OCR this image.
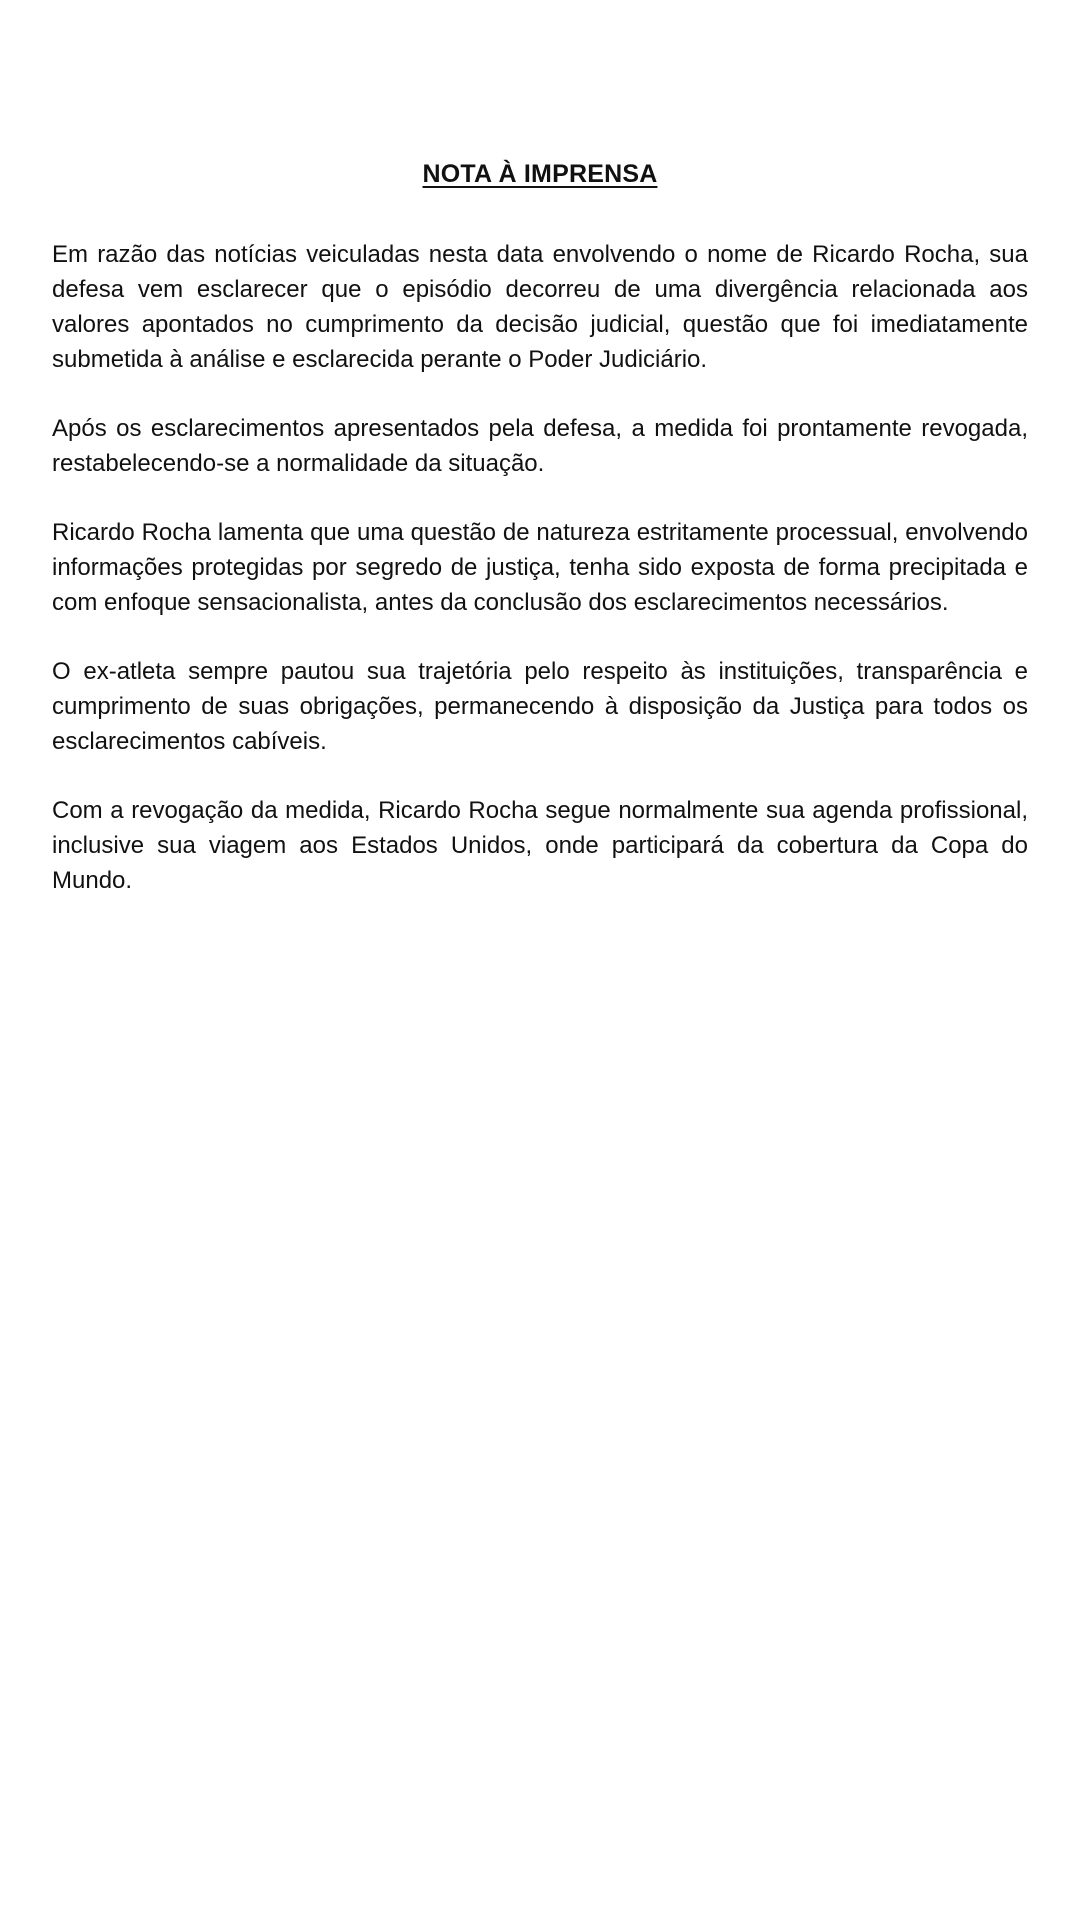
NOTA À IMPRENSA

Em razão das notícias veiculadas nesta data envolvendo o nome de Ricardo Rocha, sua defesa vem esclarecer que o episódio decorreu de uma divergência relacionada aos valores apontados no cumprimento da decisão judicial, questão que foi imediatamente submetida à análise e esclarecida perante o Poder Judiciário.

Após os esclarecimentos apresentados pela defesa, a medida foi prontamente revogada, restabelecendo-se a normalidade da situação.

Ricardo Rocha lamenta que uma questão de natureza estritamente processual, envolvendo informações protegidas por segredo de justiça, tenha sido exposta de forma precipitada e com enfoque sensacionalista, antes da conclusão dos esclarecimentos necessários.

O ex-atleta sempre pautou sua trajetória pelo respeito às instituições, transparência e cumprimento de suas obrigações, permanecendo à disposição da Justiça para todos os esclarecimentos cabíveis.

Com a revogação da medida, Ricardo Rocha segue normalmente sua agenda profissional, inclusive sua viagem aos Estados Unidos, onde participará da cobertura da Copa do Mundo.
